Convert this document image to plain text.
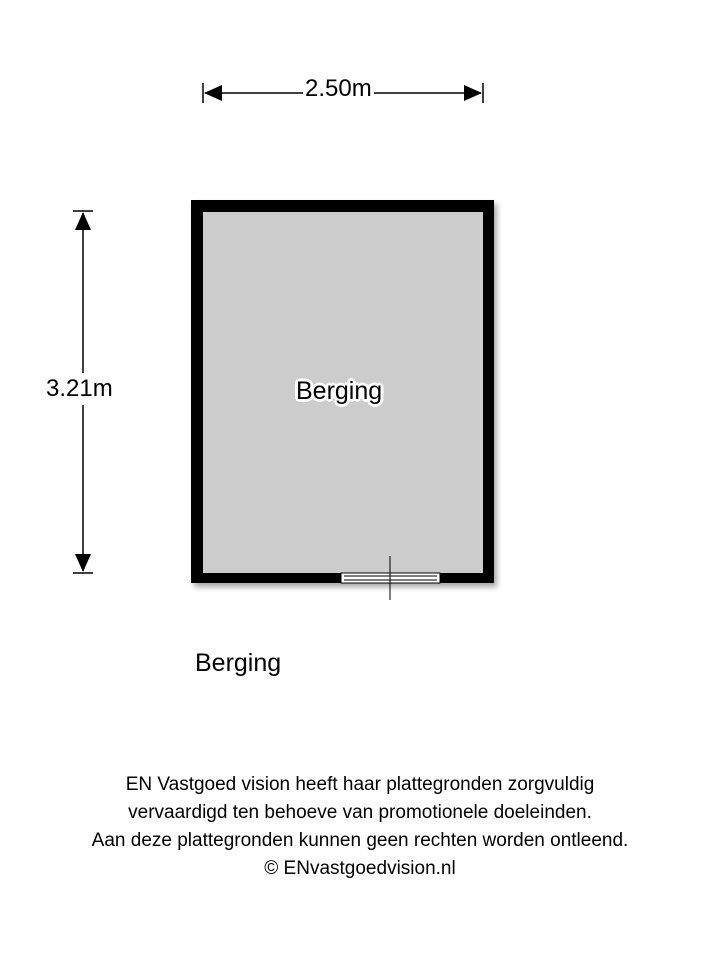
2.50m
3.21m	Berging
Berging
EN Vastgoed vision heeft haar plattegronden zorgvuldig
vervaardigd ten behoeve van promotionele doeleinden.
Aan deze plattegronden kunnen geen rechten worden ontleend.
© ENvastgoedvision.nl
